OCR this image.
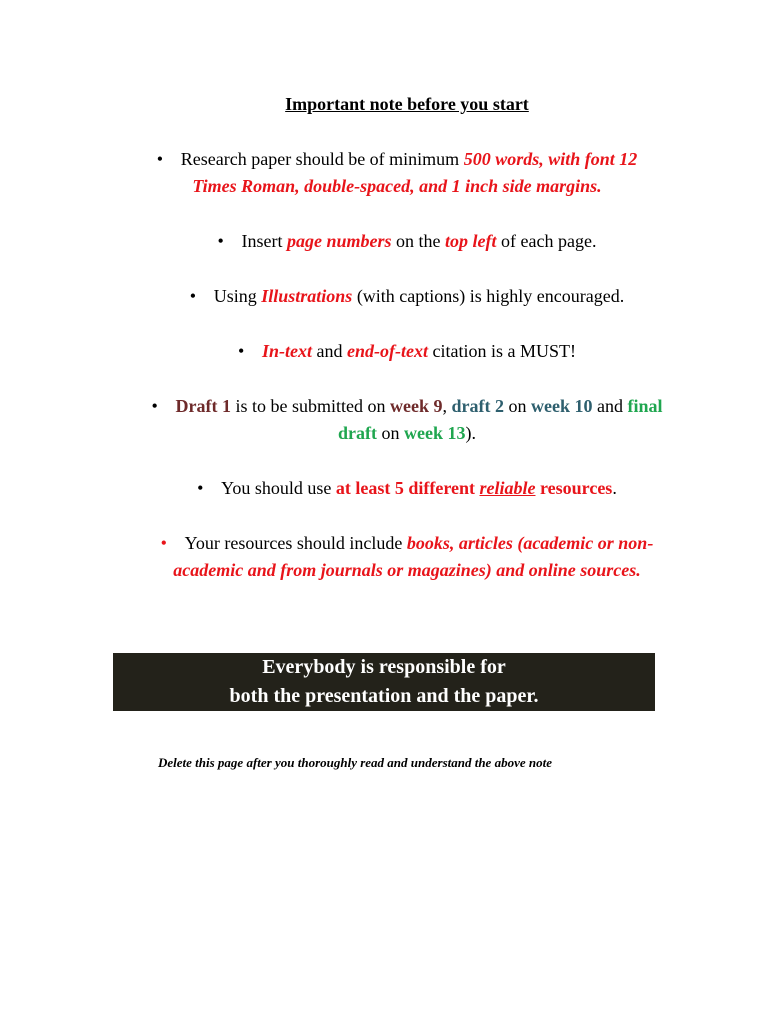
Important note before you start
• Research paper should be of minimum 500 words, with font 12 Times Roman, double-spaced, and 1 inch side margins.
• Insert page numbers on the top left of each page.
• Using Illustrations (with captions) is highly encouraged.
• In-text and end-of-text citation is a MUST!
• Draft 1 is to be submitted on week 9, draft 2 on week 10 and final draft on week 13).
• You should use at least 5 different reliable resources.
• Your resources should include books, articles (academic or non-academic and from journals or magazines) and online sources.
Everybody is responsible for
both the presentation and the paper.
Delete this page after you thoroughly read and understand the above note
